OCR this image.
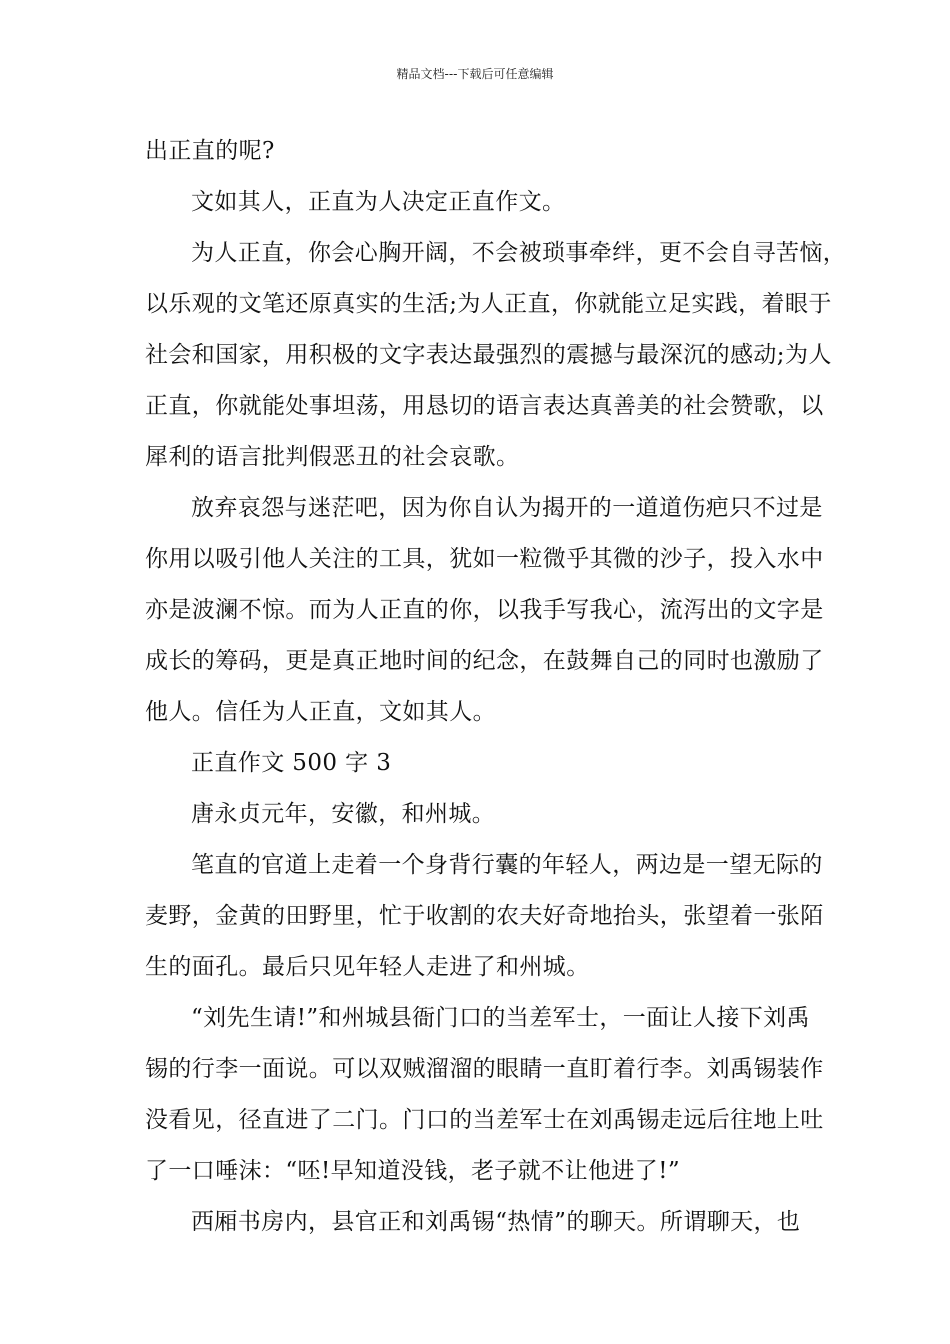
精品文档---下载后可任意编辑
出正直的呢?
文如其人，正直为人决定正直作文。
为人正直，你会心胸开阔，不会被琐事牵绊，更不会自寻苦恼，
以乐观的文笔还原真实的生活;为人正直，你就能立足实践，着眼于
社会和国家，用积极的文字表达最强烈的震撼与最深沉的感动;为人
正直，你就能处事坦荡，用恳切的语言表达真善美的社会赞歌，以
犀利的语言批判假恶丑的社会哀歌。
放弃哀怨与迷茫吧，因为你自认为揭开的一道道伤疤只不过是
你用以吸引他人关注的工具，犹如一粒微乎其微的沙子，投入水中
亦是波澜不惊。而为人正直的你，以我手写我心，流泻出的文字是
成长的筹码，更是真正地时间的纪念，在鼓舞自己的同时也激励了
他人。信任为人正直，文如其人。
正直作文 500 字 3
唐永贞元年，安徽，和州城。
笔直的官道上走着一个身背行囊的年轻人，两边是一望无际的
麦野，金黄的田野里，忙于收割的农夫好奇地抬头，张望着一张陌
生的面孔。最后只见年轻人走进了和州城。
“刘先生请!”和州城县衙门口的当差军士，一面让人接下刘禹
锡的行李一面说。可以双贼溜溜的眼睛一直盯着行李。刘禹锡装作
没看见，径直进了二门。门口的当差军士在刘禹锡走远后往地上吐
了一口唾沫：“呸!早知道没钱，老子就不让他进了!”
西厢书房内，县官正和刘禹锡“热情”的聊天。所谓聊天，也
